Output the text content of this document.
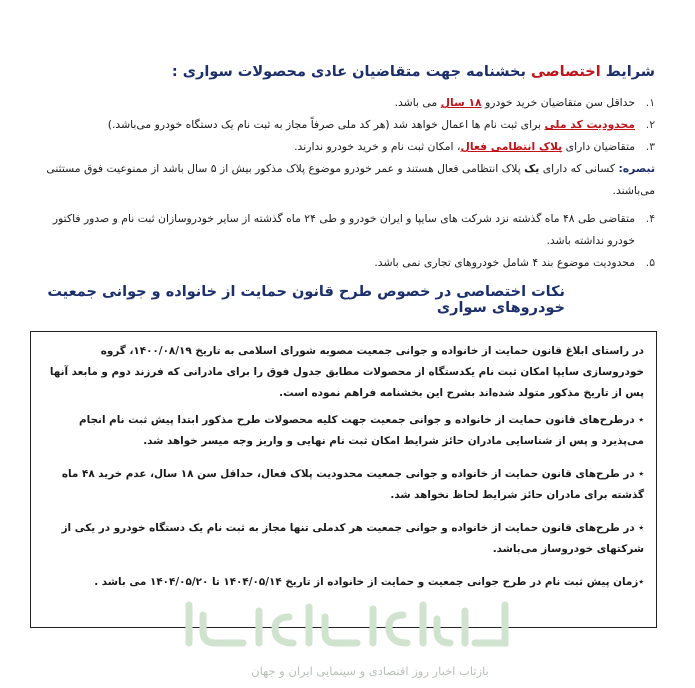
شرایط اختصاصی بخشنامه جهت متقاضیان عادی محصولات سواری :
۱.
حداقل سن متقاضیان خرید خودرو ۱۸ سال می باشد.
۲.
محدودیت کد ملی برای ثبت نام ها اعمال خواهد شد (هر کد ملی صرفاً مجاز به ثبت نام یک دستگاه خودرو می‌باشد.)
۳.
متقاضیان دارای پلاک انتظامی فعال، امکان ثبت نام و خرید خودرو ندارند.
تبصره: کسانی که دارای یک پلاک انتظامی فعال هستند و عمر خودرو موضوع پلاک مذکور بیش از ۵ سال باشد از ممنوعیت فوق مستثنی می‌باشند.
۴.
متقاضی طی ۴۸ ماه گذشته نزد شرکت های سایپا و ایران خودرو و طی ۲۴ ماه گذشته از سایر خودروسازان ثبت نام و صدور فاکتور خودرو نداشته باشد.
۵.
محدودیت موضوع بند ۴ شامل خودروهای تجاری نمی باشد.
نکات اختصاصی در خصوص طرح قانون حمایت از خانواده و جوانی جمعیت خودروهای سواری

در راستای ابلاغ قانون حمایت از خانواده و جوانی جمعیت مصوبه شورای اسلامی به تاریخ ۱۴۰۰/۰۸/۱۹، گروه خودروسازی سایپا امکان ثبت نام یکدستگاه از محصولات مطابق جدول فوق را برای مادرانی که فرزند دوم و مابعد آنها پس از تاریخ مذکور متولد شده‌اند بشرح این بخشنامه فراهم نموده است.

٭ درطرح‌های قانون حمایت از خانواده و جوانی جمعیت جهت کلیه محصولات طرح مذکور ابتدا پیش ثبت نام انجام می‌پذیرد و پس از شناسایی مادران حائز شرایط امکان ثبت نام نهایی و واریز وجه میسر خواهد شد.

٭ در طرح‌های قانون حمایت از خانواده و جوانی جمعیت محدودیت پلاک فعال، حداقل سن ۱۸ سال، عدم خرید ۴۸ ماه گذشته برای مادران حائز شرایط لحاظ نخواهد شد.

٭ در طرح‌های قانون حمایت از خانواده و جوانی جمعیت هر کدملی تنها مجاز به ثبت نام یک دستگاه خودرو در یکی از شرکتهای خودروساز می‌باشد.

٭زمان پیش ثبت نام در طرح جوانی جمعیت و حمایت از خانواده از تاریخ ۱۴۰۴/۰۵/۱۴ تا ۱۴۰۴/۰۵/۲۰ می باشد .

بازتاب آنلاین
بازتاب اخبار روز اقتصادی و سینمایی ایران و جهان
